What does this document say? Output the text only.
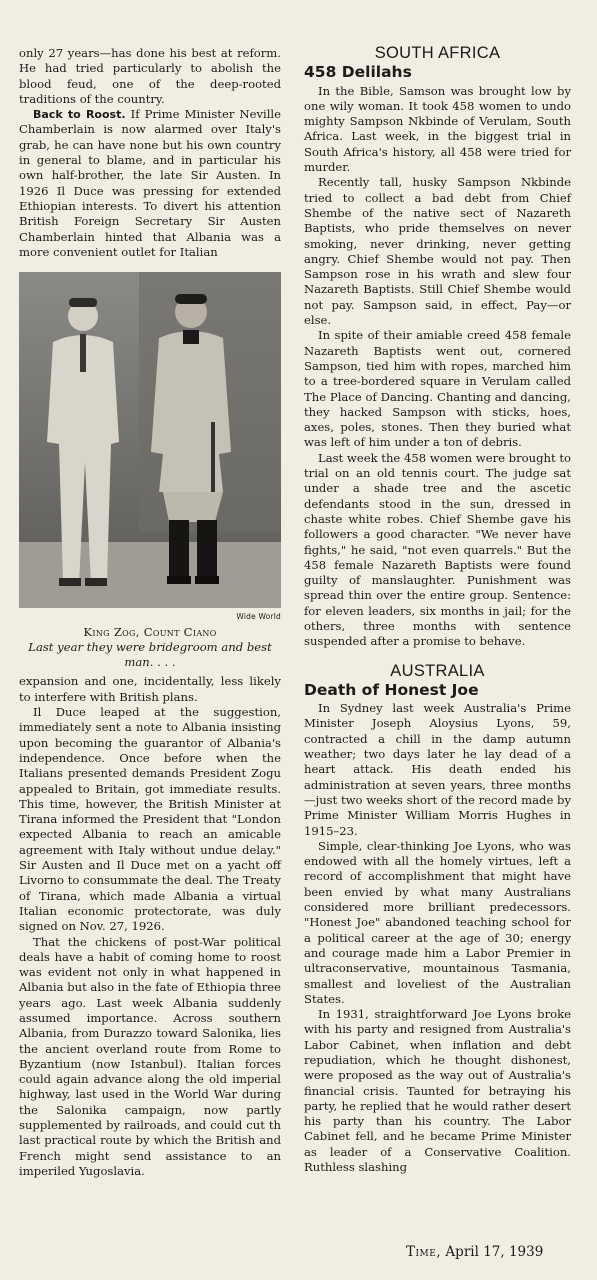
only 27 years—has done his best at reform. He had tried particularly to abolish the blood feud, one of the deep-rooted traditions of the country.

Back to Roost. If Prime Minister Neville Chamberlain is now alarmed over Italy's grab, he can have none but his own country in general to blame, and in particular his own half-brother, the late Sir Austen. In 1926 Il Duce was pressing for extended Ethiopian interests. To divert his attention British Foreign Secretary Sir Austen Chamberlain hinted that Albania was a more convenient outlet for Italian

Wide World
King Zog, Count Ciano
Last year they were bridegroom and best man. . . .

expansion and one, incidentally, less likely to interfere with British plans.

Il Duce leaped at the suggestion, immediately sent a note to Albania insisting upon becoming the guarantor of Albania's independence. Once before when the Italians presented demands President Zogu appealed to Britain, got immediate results. This time, however, the British Minister at Tirana informed the President that "London expected Albania to reach an amicable agreement with Italy without undue delay." Sir Austen and Il Duce met on a yacht off Livorno to consummate the deal. The Treaty of Tirana, which made Albania a virtual Italian economic protectorate, was duly signed on Nov. 27, 1926.

That the chickens of post-War political deals have a habit of coming home to roost was evident not only in what happened in Albania but also in the fate of Ethiopia three years ago. Last week Albania suddenly assumed importance. Across southern Albania, from Durazzo toward Salonika, lies the ancient overland route from Rome to Byzantium (now Istanbul). Italian forces could again advance along the old imperial highway, last used in the World War during the Salonika campaign, now partly supplemented by railroads, and could cut th last practical route by which the British and French might send assistance to an imperiled Yugoslavia.

SOUTH AFRICA
458 Delilahs

In the Bible, Samson was brought low by one wily woman. It took 458 women to undo mighty Sampson Nkbinde of Verulam, South Africa. Last week, in the biggest trial in South Africa's history, all 458 were tried for murder.

Recently tall, husky Sampson Nkbinde tried to collect a bad debt from Chief Shembe of the native sect of Nazareth Baptists, who pride themselves on never smoking, never drinking, never getting angry. Chief Shembe would not pay. Then Sampson rose in his wrath and slew four Nazareth Baptists. Still Chief Shembe would not pay. Sampson said, in effect, Pay—or else.

In spite of their amiable creed 458 female Nazareth Baptists went out, cornered Sampson, tied him with ropes, marched him to a tree-bordered square in Verulam called The Place of Dancing. Chanting and dancing, they hacked Sampson with sticks, hoes, axes, poles, stones. Then they buried what was left of him under a ton of debris.

Last week the 458 women were brought to trial on an old tennis court. The judge sat under a shade tree and the ascetic defendants stood in the sun, dressed in chaste white robes. Chief Shembe gave his followers a good character. "We never have fights," he said, "not even quarrels." But the 458 female Nazareth Baptists were found guilty of manslaughter. Punishment was spread thin over the entire group. Sentence: for eleven leaders, six months in jail; for the others, three months with sentence suspended after a promise to behave.

AUSTRALIA
Death of Honest Joe

In Sydney last week Australia's Prime Minister Joseph Aloysius Lyons, 59, contracted a chill in the damp autumn weather; two days later he lay dead of a heart attack. His death ended his administration at seven years, three months —just two weeks short of the record made by Prime Minister William Morris Hughes in 1915–23.

Simple, clear-thinking Joe Lyons, who was endowed with all the homely virtues, left a record of accomplishment that might have been envied by what many Australians considered more brilliant predecessors. "Honest Joe" abandoned teaching school for a political career at the age of 30; energy and courage made him a Labor Premier in ultraconservative, mountainous Tasmania, smallest and loveliest of the Australian States.

In 1931, straightforward Joe Lyons broke with his party and resigned from Australia's Labor Cabinet, when inflation and debt repudiation, which he thought dishonest, were proposed as the way out of Australia's financial crisis. Taunted for betraying his party, he replied that he would rather desert his party than his country. The Labor Cabinet fell, and he became Prime Minister as leader of a Conservative Coalition. Ruthless slashing

Time, April 17, 1939
